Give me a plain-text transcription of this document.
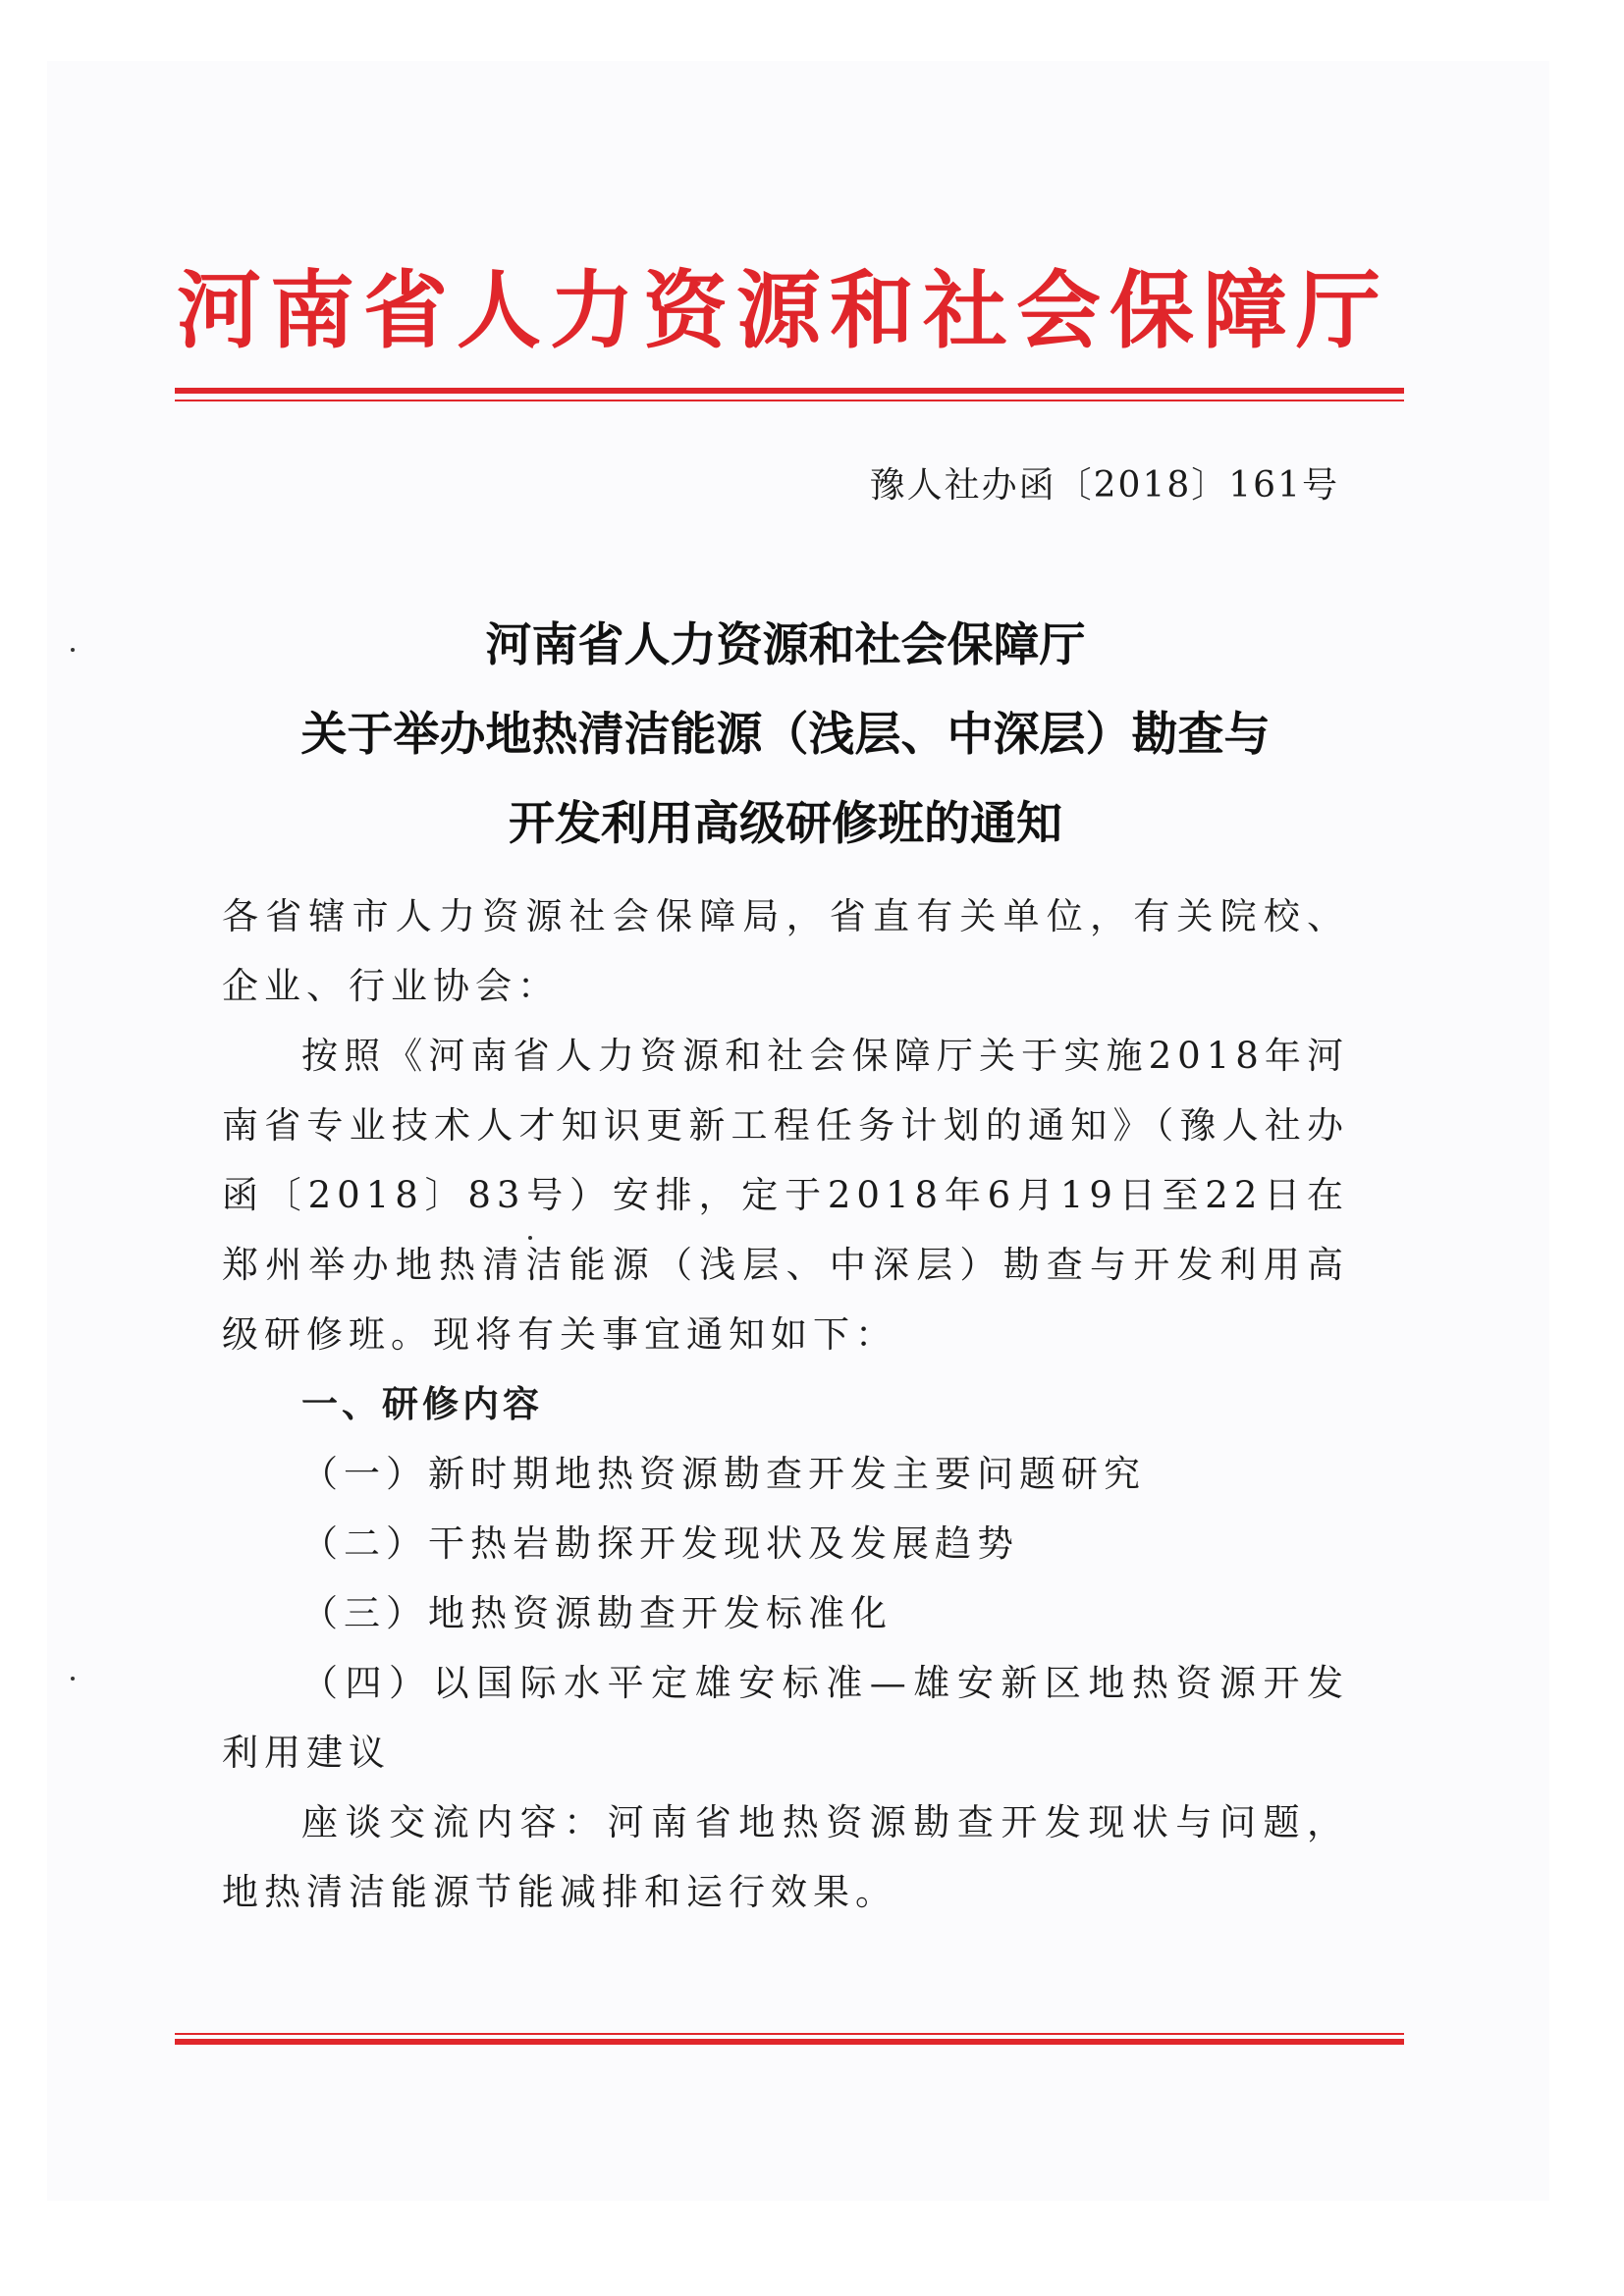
河南省人力资源和社会保障厅
豫人社办函〔2018〕161号
河南省人力资源和社会保障厅
关于举办地热清洁能源（浅层、中深层）勘查与
开发利用高级研修班的通知

各省辖市人力资源社会保障局，省直有关单位，有关院校、企业、行业协会：

按照《河南省人力资源和社会保障厅关于实施2018年河南省专业技术人才知识更新工程任务计划的通知》（豫人社办函〔2018〕83号）安排，定于2018年6月19日至22日在郑州举办地热清洁能源（浅层、中深层）勘查与开发利用高级研修班。现将有关事宜通知如下：

一、研修内容

（一）新时期地热资源勘查开发主要问题研究

（二）干热岩勘探开发现状及发展趋势

（三）地热资源勘查开发标准化

（四）以国际水平定雄安标准—雄安新区地热资源开发利用建议

座谈交流内容：河南省地热资源勘查开发现状与问题，地热清洁能源节能减排和运行效果。
